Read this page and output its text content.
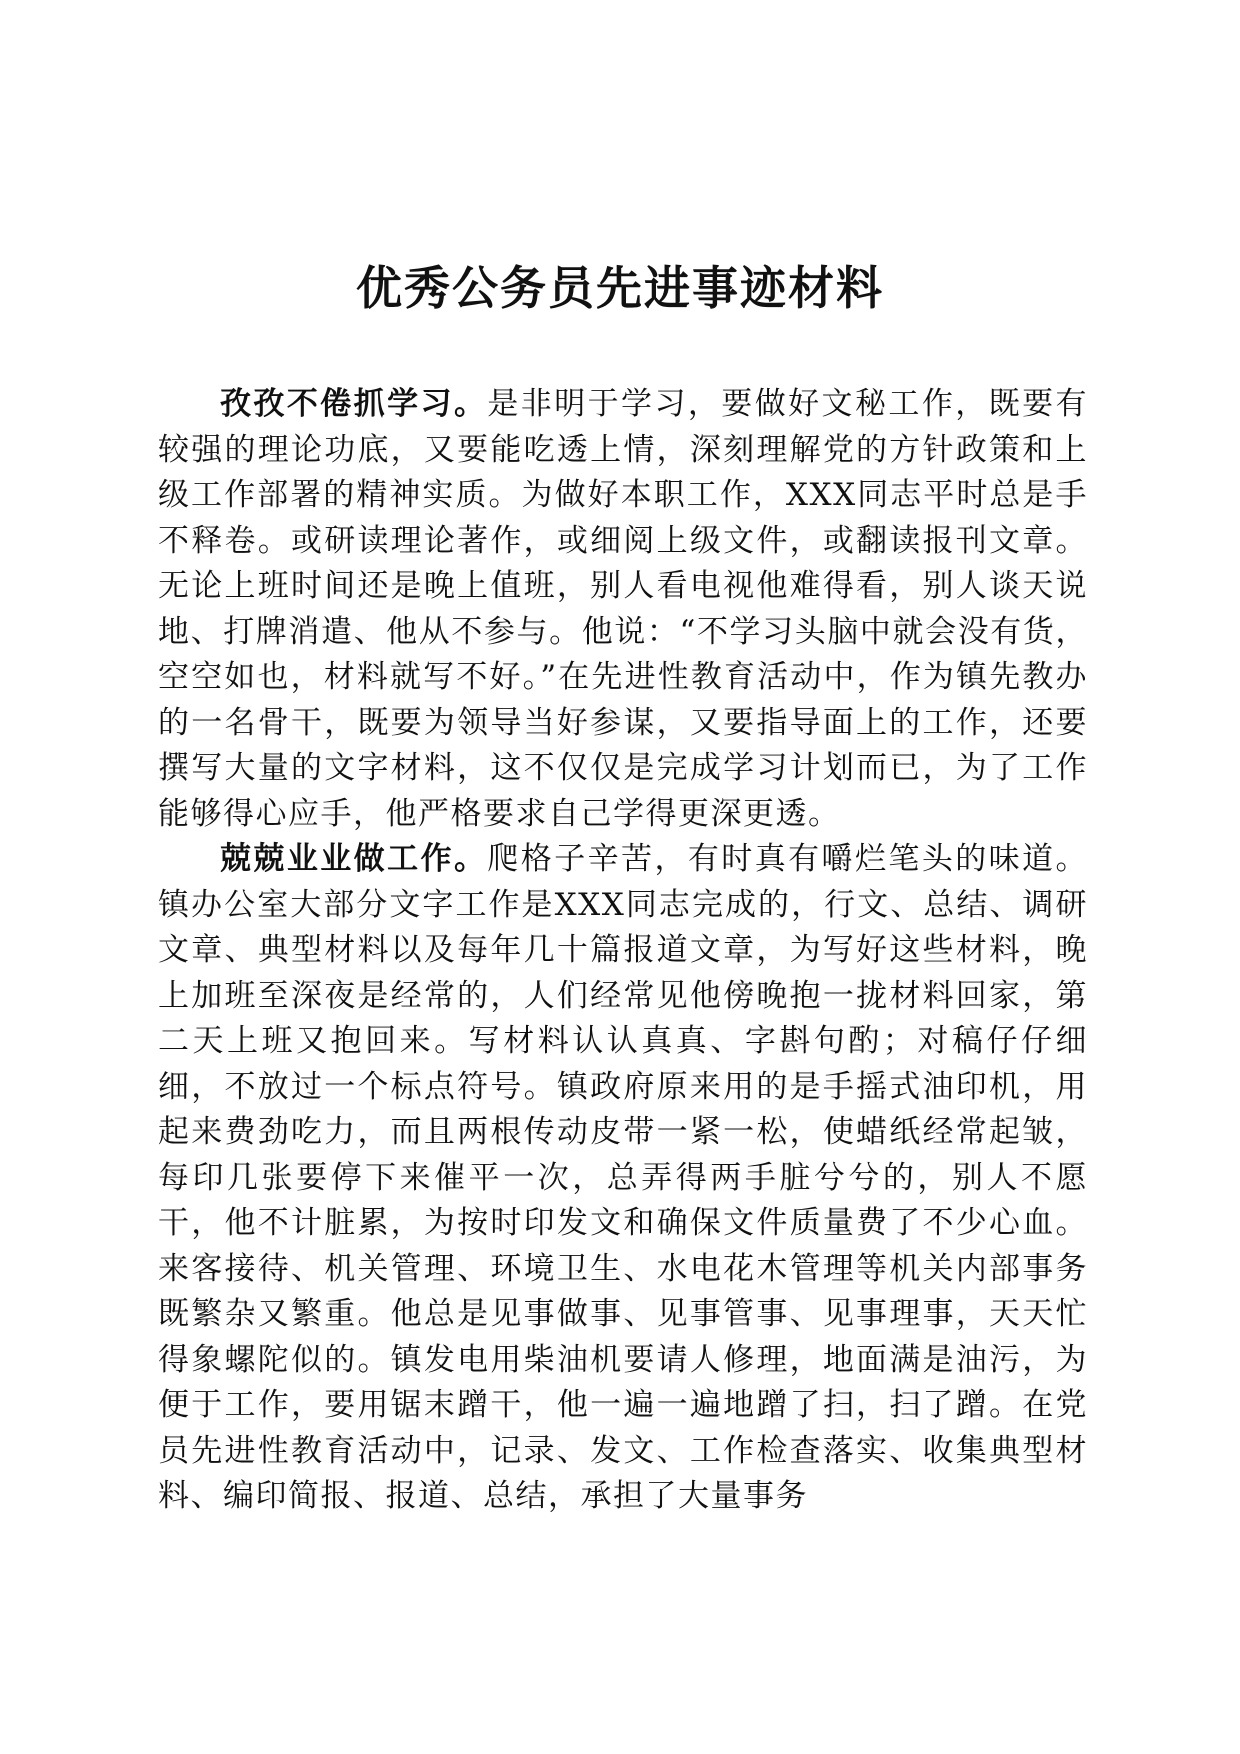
优秀公务员先进事迹材料

孜孜不倦抓学习。是非明于学习，要做好文秘工作，既要有较强的理论功底，又要能吃透上情，深刻理解党的方针政策和上级工作部署的精神实质。为做好本职工作，XXX同志平时总是手不释卷。或研读理论著作，或细阅上级文件，或翻读报刊文章。无论上班时间还是晚上值班，别人看电视他难得看，别人谈天说地、打牌消遣、他从不参与。他说：“不学习头脑中就会没有货，空空如也，材料就写不好。”在先进性教育活动中，作为镇先教办的一名骨干，既要为领导当好参谋，又要指导面上的工作，还要撰写大量的文字材料，这不仅仅是完成学习计划而已，为了工作能够得心应手，他严格要求自己学得更深更透。

兢兢业业做工作。爬格子辛苦，有时真有嚼烂笔头的味道。镇办公室大部分文字工作是XXX同志完成的，行文、总结、调研文章、典型材料以及每年几十篇报道文章，为写好这些材料，晚上加班至深夜是经常的，人们经常见他傍晚抱一拢材料回家，第二天上班又抱回来。写材料认认真真、字斟句酌；对稿仔仔细细，不放过一个标点符号。镇政府原来用的是手摇式油印机，用起来费劲吃力，而且两根传动皮带一紧一松，使蜡纸经常起皱，每印几张要停下来催平一次，总弄得两手脏兮兮的，别人不愿干，他不计脏累，为按时印发文和确保文件质量费了不少心血。来客接待、机关管理、环境卫生、水电花木管理等机关内部事务既繁杂又繁重。他总是见事做事、见事管事、见事理事，天天忙得象螺陀似的。镇发电用柴油机要请人修理，地面满是油污，为便于工作，要用锯末蹭干，他一遍一遍地蹭了扫，扫了蹭。在党员先进性教育活动中，记录、发文、工作检查落实、收集典型材料、编印简报、报道、总结，承担了大量事务
